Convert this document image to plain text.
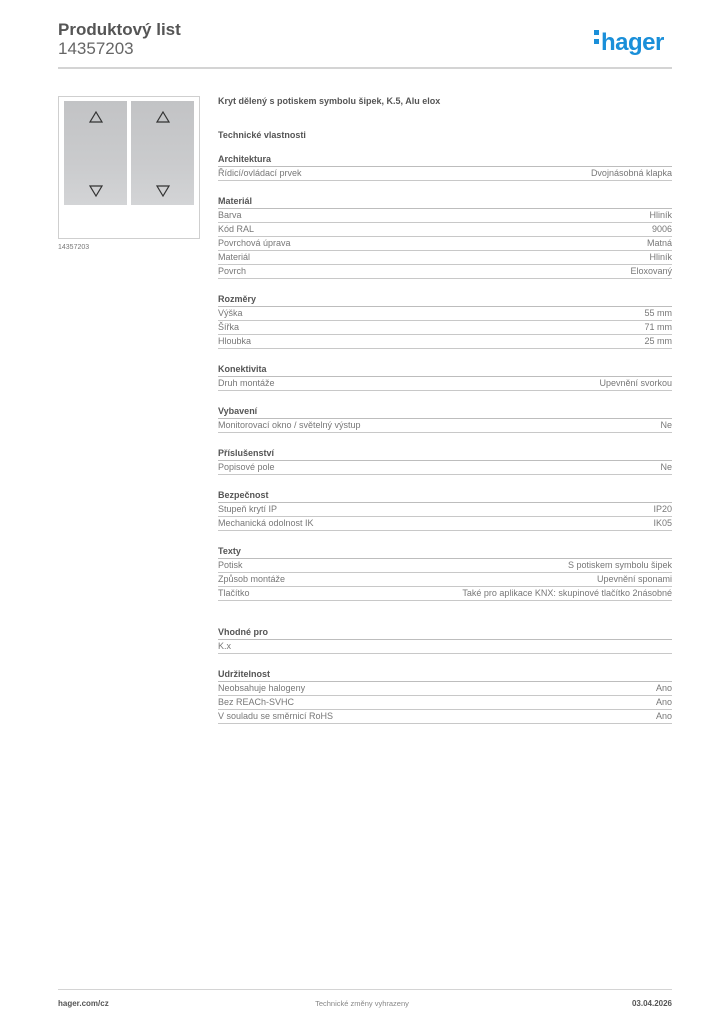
Produktový list
14357203	hager
14357203
Kryt dělený s potiskem symbolu šipek, K.5, Alu elox
Technické vlastnosti
Architektura
Řídicí/ovládací prvek	Dvojnásobná klapka
Materiál
Barva	Hliník
Kód RAL	9006
Povrchová úprava	Matná
Materiál	Hliník
Povrch	Eloxovaný
Rozměry
Výška	55 mm
Šířka	71 mm
Hloubka	25 mm
Konektivita
Druh montáže	Upevnění svorkou
Vybavení
Monitorovací okno / světelný výstup	Ne
Příslušenství
Popisové pole	Ne
Bezpečnost
Stupeň krytí IP	IP20
Mechanická odolnost IK	IK05
Texty
Potisk	S potiskem symbolu šipek
Způsob montáže	Upevnění sponami
Tlačítko	Také pro aplikace KNX: skupinové tlačítko 2násobné
Vhodné pro
K.x
Udržitelnost
Neobsahuje halogeny	Ano
Bez REACh-SVHC	Ano
V souladu se směrnicí RoHS	Ano
hager.com/cz	Technické změny vyhrazeny	03.04.2026
